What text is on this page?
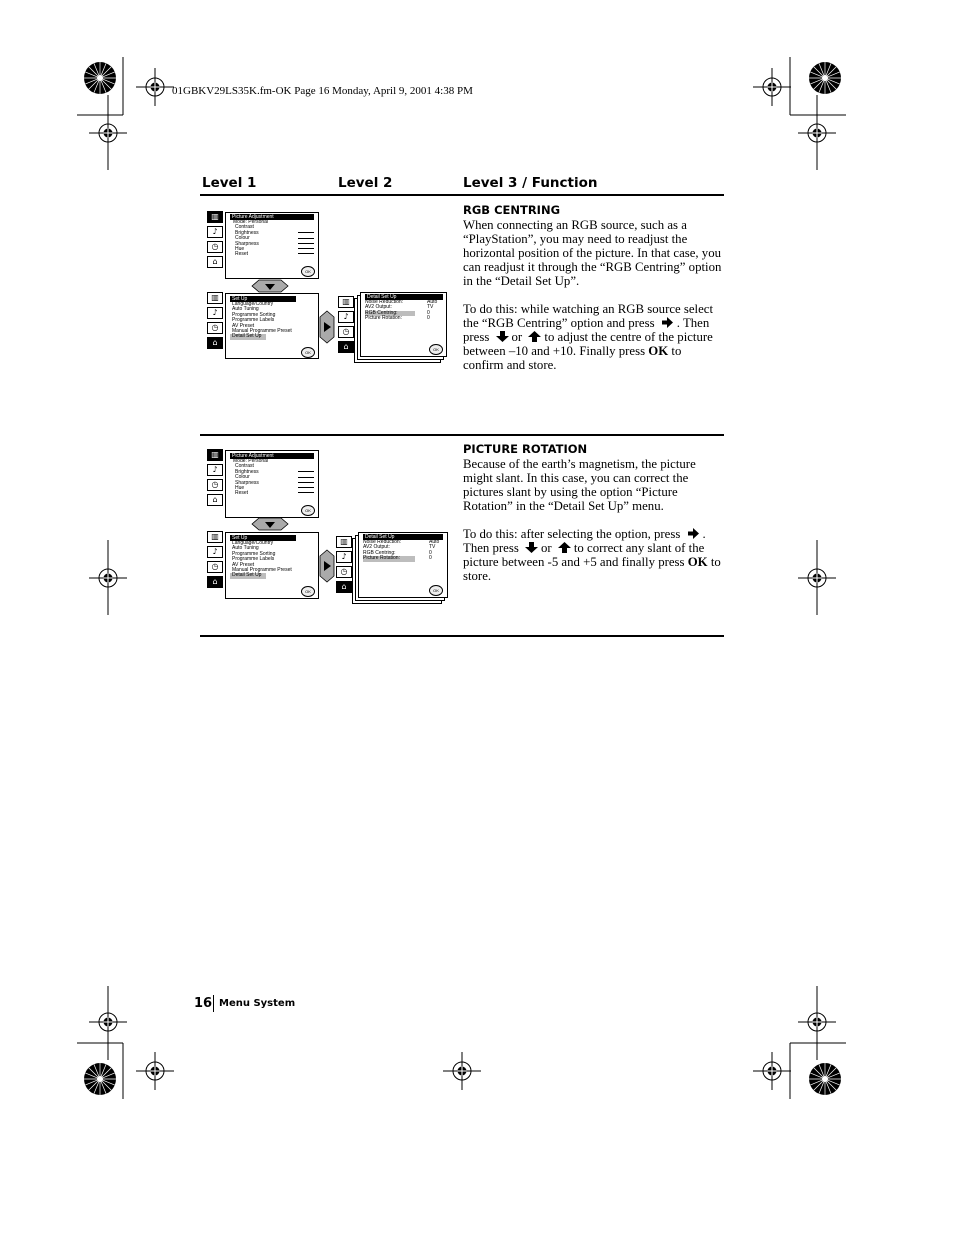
01GBKV29LS35K.fm-OK Page 16 Monday, April 9, 2001 4:38 PM
Level 1	Level 2	Level 3 / Function
▥
♪
◷
⌂
Picture Adjustment
Mode: Personal
Contrast
Brightness
Colour
Sharpness
Hue
Reset
OK
▥
♪
◷
⌂
Set Up
Language/Country
Auto Tuning
Programme Sorting
Programme Labels
AV Preset
Manual Programme Preset
Detail Set Up
OK
▥
♪
◷
⌂
Detail Set Up
Noise Reduction:	Auto
AV2 Output:	TV
RGB Centring:	0
Picture Rotation:	0
OK
RGB CENTRING
When connecting an RGB source, such as a “PlayStation”, you may need to readjust the horizontal position of the picture. In that case, you can readjust it through the “RGB Centring” option in the “Detail Set Up”.
To do this: while watching an RGB source select the “RGB Centring” option and press . Then press or to adjust the centre of the picture between –10 and +10. Finally press OK to confirm and store.
▥
♪
◷
⌂
Picture Adjustment
Mode: Personal
Contrast
Brightness
Colour
Sharpness
Hue
Reset
OK
▥
♪
◷
⌂
Set Up
Language/Country
Auto Tuning
Programme Sorting
Programme Labels
AV Preset
Manual Programme Preset
Detail Set Up
OK
▥
♪
◷
⌂
Detail Set Up
Noise Reduction:	Auto
AV2 Output:	TV
RGB Centring:	0
Picture Rotation:	0
OK
PICTURE ROTATION
Because of the earth’s magnetism, the picture might slant. In this case, you can correct the pictures slant by using the option “Picture Rotation” in the “Detail Set Up” menu.
To do this: after selecting the option, press . Then press or to correct any slant of the picture between -5 and +5 and finally press OK to store.
16 Menu System
